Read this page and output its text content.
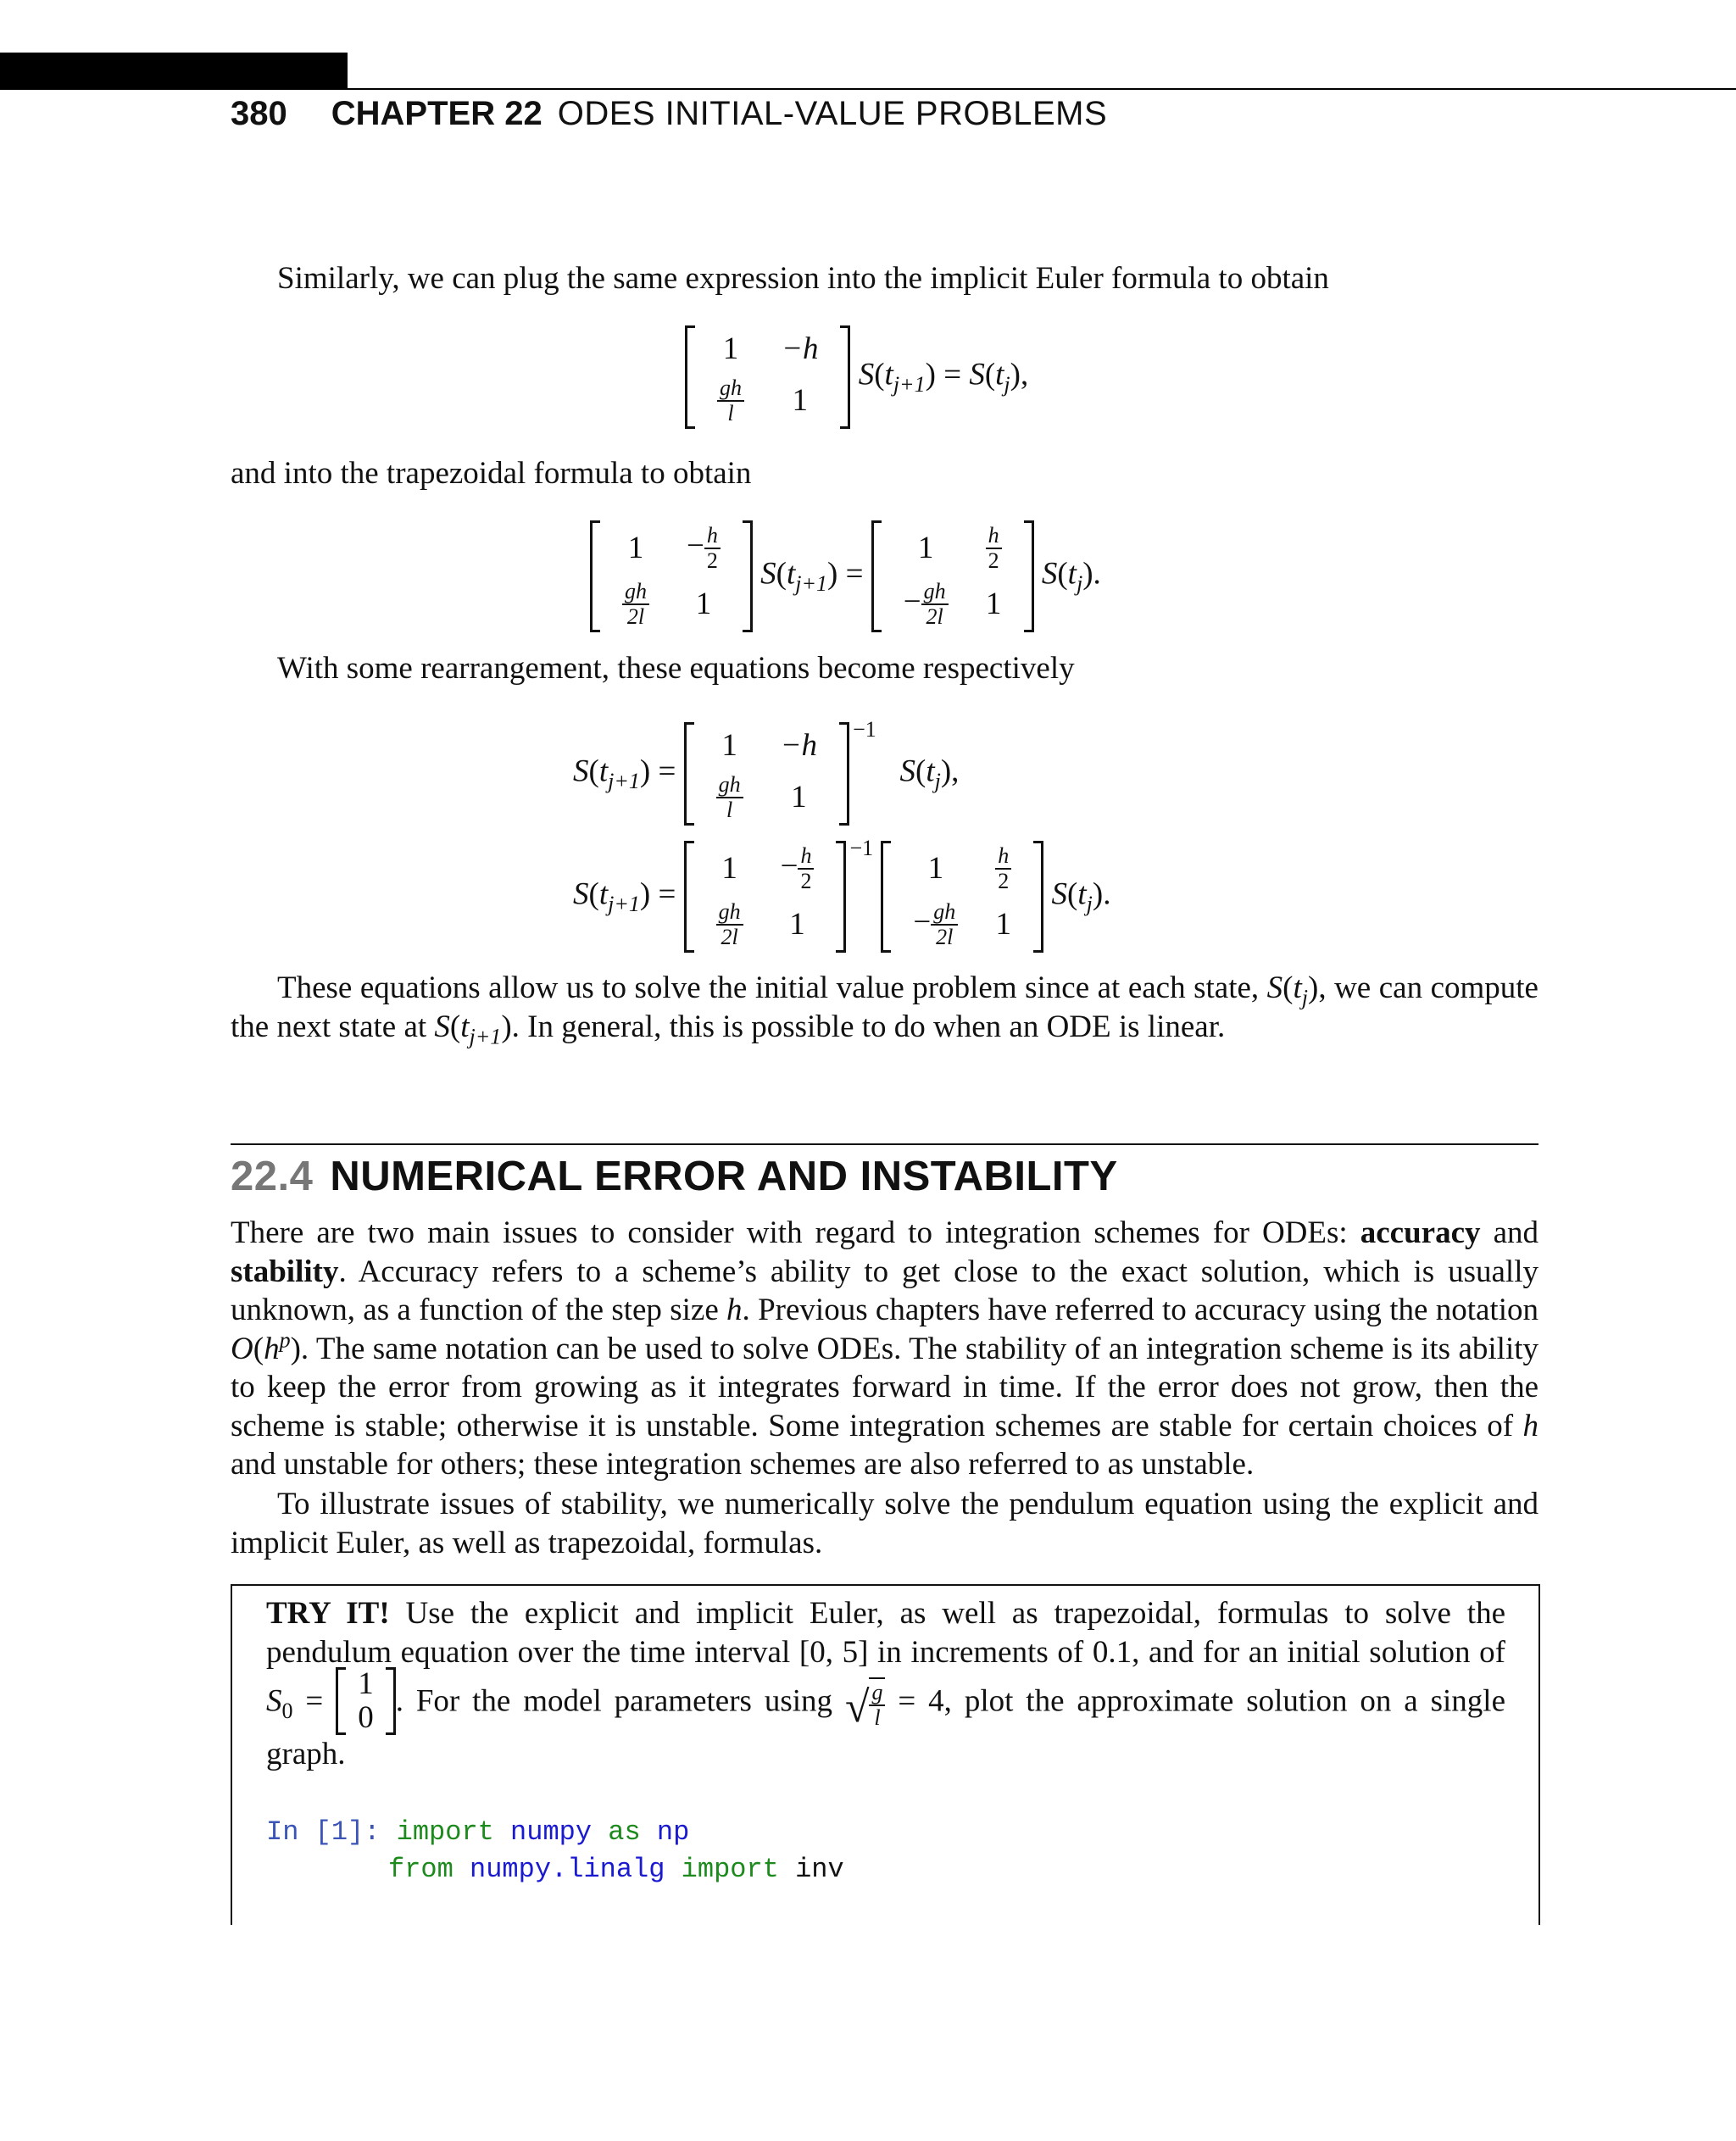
380 CHAPTER 22 ODES INITIAL-VALUE PROBLEMS
Similarly, we can plug the same expression into the implicit Euler formula to obtain
1	−h

$\frac{gh}{l}$	1
$S(t_{j+1}) = S(t_j)$,
and into the trapezoidal formula to obtain
1	− $\frac{h}{2}$

$\frac{gh}{2l}$	1
$S(t_{j+1})$ =
1	$\frac{h}{2}$

− $\frac{gh}{2l}$	1
$S(t_j)$.
With some rearrangement, these equations become respectively
$S(t_{j+1})$ =
1	−h

$\frac{gh}{l}$	1
−1
$S(t_j)$,
$S(t_{j+1})$ =
1	− $\frac{h}{2}$

$\frac{gh}{2l}$	1
−1

1	$\frac{h}{2}$

− $\frac{gh}{2l}$	1
$S(t_j)$.
These equations allow us to solve the initial value problem since at each state, $S(t_j)$, we can compute the next state at $S(t_{j+1})$. In general, this is possible to do when an ODE is linear.
22.4 NUMERICAL ERROR AND INSTABILITY
There are two main issues to consider with regard to integration schemes for ODEs: accuracy and stability. Accuracy refers to a scheme’s ability to get close to the exact solution, which is usually unknown, as a function of the step size h. Previous chapters have referred to accuracy using the notation $O(h^p)$. The same notation can be used to solve ODEs. The stability of an integration scheme is its ability to keep the error from growing as it integrates forward in time. If the error does not grow, then the scheme is stable; otherwise it is unstable. Some integration schemes are stable for certain choices of h and unstable for others; these integration schemes are also referred to as unstable.
To illustrate issues of stability, we numerically solve the pendulum equation using the explicit and implicit Euler, as well as trapezoidal, formulas.
TRY IT! Use the explicit and implicit Euler, as well as trapezoidal, formulas to solve the pendulum equation over the time interval [0, 5] in increments of 0.1, and for an initial solution of $S_0 = 1$
0 . For the model parameters using √ $\frac{g}{l} = 4$, plot the approximate solution on a single graph.
In [1]: import numpy as np
from numpy.linalg import inv
